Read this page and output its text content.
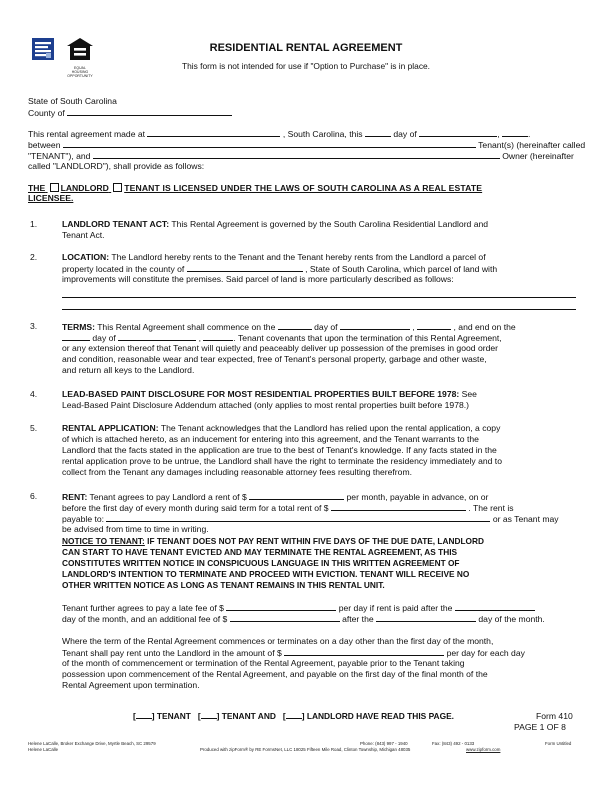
EQUAL HOUSING OPPORTUNITY
RESIDENTIAL RENTAL AGREEMENT
This form is not intended for use if "Option to Purchase" is in place.
State of South Carolina
County of
This rental agreement made at	, South Carolina, this	day of	,	.
between	Tenant(s) (hereinafter called
"TENANT"), and	Owner (hereinafter
called "LANDLORD"), shall provide as follows:
THE LANDLORD TENANT IS LICENSED UNDER THE LAWS OF SOUTH CAROLINA AS A REAL ESTATE
LICENSEE.
1.	LANDLORD TENANT ACT: This Rental Agreement is governed by the South Carolina Residential Landlord and
Tenant Act.
2.	LOCATION: The Landlord hereby rents to the Tenant and the Tenant hereby rents from the Landlord a parcel of
property located in the county of	, State of South Carolina, which parcel of land with
improvements will constitute the premises. Said parcel of land is more particularly described as follows:
3.	TERMS: This Rental Agreement shall commence on the	day of	,	, and end on the
day of	,	. Tenant covenants that upon the termination of this Rental Agreement,
or any extension thereof that Tenant will quietly and peaceably deliver up possession of the premises in good order
and condition, reasonable wear and tear expected, free of Tenant's personal property, garbage and other waste,
and return all keys to the Landlord.
4.	LEAD-BASED PAINT DISCLOSURE FOR MOST RESIDENTIAL PROPERTIES BUILT BEFORE 1978: See
Lead-Based Paint Disclosure Addendum attached (only applies to most rental properties built before 1978.)
5.	RENTAL APPLICATION: The Tenant acknowledges that the Landlord has relied upon the rental application, a copy
of which is attached hereto, as an inducement for entering into this agreement, and the Tenant warrants to the
Landlord that the facts stated in the application are true to the best of Tenant's knowledge. If any facts stated in the
rental application prove to be untrue, the Landlord shall have the right to terminate the residency immediately and to
collect from the Tenant any damages including reasonable attorney fees resulting therefrom.
6.	RENT: Tenant agrees to pay Landlord a rent of $	per month, payable in advance, on or
before the first day of every month during said term for a total rent of $	. The rent is
payable to:	or as Tenant may
be advised from time to time in writing.
NOTICE TO TENANT: IF TENANT DOES NOT PAY RENT WITHIN FIVE DAYS OF THE DUE DATE, LANDLORD
CAN START TO HAVE TENANT EVICTED AND MAY TERMINATE THE RENTAL AGREEMENT, AS THIS
CONSTITUTES WRITTEN NOTICE IN CONSPICUOUS LANGUAGE IN THIS WRITTEN AGREEMENT OF
LANDLORD'S INTENTION TO TERMINATE AND PROCEED WITH EVICTION. TENANT WILL RECEIVE NO
OTHER WRITTEN NOTICE AS LONG AS TENANT REMAINS IN THIS RENTAL UNIT.
Tenant further agrees to pay a late fee of $	per day if rent is paid after the
day of the month, and an additional fee of $	after the	day of the month.
Where the term of the Rental Agreement commences or terminates on a day other than the first day of the month,
Tenant shall pay rent unto the Landlord in the amount of $	per day for each day
of the month of commencement or termination of the Rental Agreement, payable prior to the Tenant taking
possession upon commencement of the Rental Agreement, and payable on the first day of the final month of the
Rental Agreement upon termination.
[ ] TENANT [ ] TENANT AND [ ] LANDLORD HAVE READ THIS PAGE.	Form 410
PAGE 1 OF 8
Helene LaCalle, Broker Exchange Drive, Myrtle Beach, SC 29579
Helene LaCalle
Phone: (843) 997 - 1940	Fax: (843) 492 - 0133	Form Untitled
Produced with zipForm® by RE FormsNet, LLC 18025 Fifteen Mile Road, Clinton Township, Michigan 48035	www.zipform.com
